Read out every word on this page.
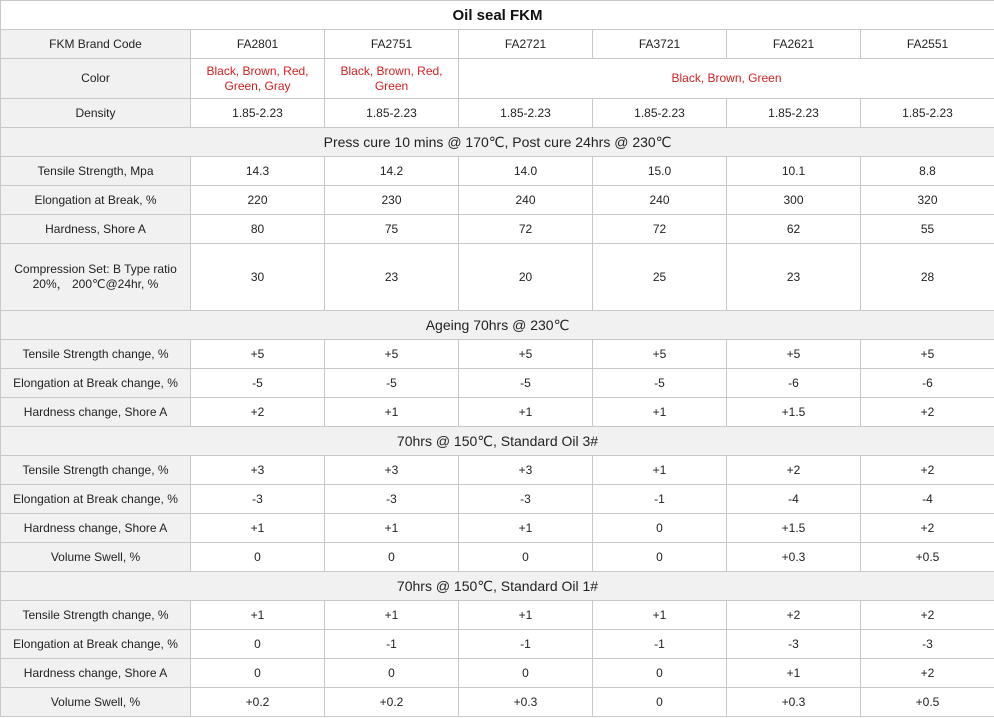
Oil seal FKM						
FKM Brand Code	FA2801	FA2751	FA2721	FA3721	FA2621	FA2551
Color	Black, Brown, Red, Green, Gray	Black, Brown, Red, Green	Black, Brown, Green			
Density	1.85-2.23	1.85-2.23	1.85-2.23	1.85-2.23	1.85-2.23	1.85-2.23
Press cure 10 mins @ 170℃, Post cure 24hrs @ 230℃						
Tensile Strength, Mpa	14.3	14.2	14.0	15.0	10.1	8.8
Elongation at Break, %	220	230	240	240	300	320
Hardness, Shore A	80	75	72	72	62	55
Compression Set: B Type ratio 20%， 200℃@24hr, %	30	23	20	25	23	28
Ageing 70hrs @ 230℃						
Tensile Strength change, %	+5	+5	+5	+5	+5	+5
Elongation at Break change, %	-5	-5	-5	-5	-6	-6
Hardness change, Shore A	+2	+1	+1	+1	+1.5	+2
70hrs @ 150℃, Standard Oil 3#						
Tensile Strength change, %	+3	+3	+3	+1	+2	+2
Elongation at Break change, %	-3	-3	-3	-1	-4	-4
Hardness change, Shore A	+1	+1	+1	0	+1.5	+2
Volume Swell, %	0	0	0	0	+0.3	+0.5
70hrs @ 150℃, Standard Oil 1#						
Tensile Strength change, %	+1	+1	+1	+1	+2	+2
Elongation at Break change, %	0	-1	-1	-1	-3	-3
Hardness change, Shore A	0	0	0	0	+1	+2
Volume Swell, %	+0.2	+0.2	+0.3	0	+0.3	+0.5
